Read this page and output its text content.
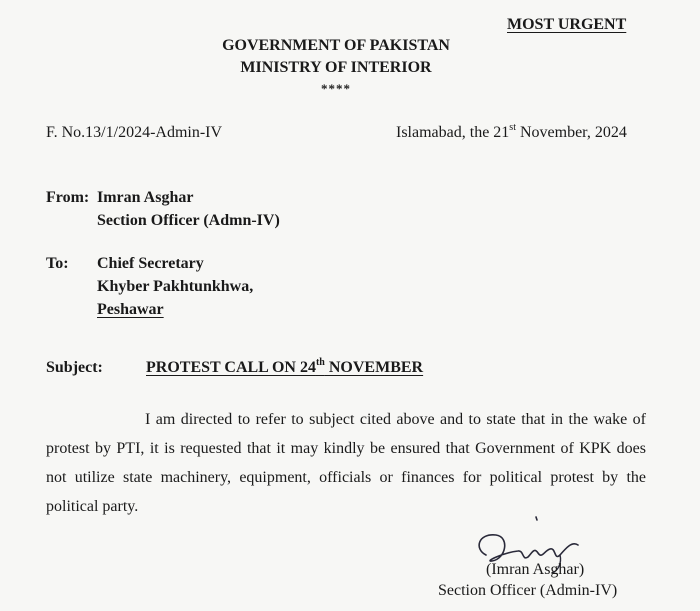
MOST URGENT
GOVERNMENT OF PAKISTAN
MINISTRY OF INTERIOR
****
F. No.13/1/2024-Admin-IV	Islamabad, the 21st November, 2024
From: Imran Asghar
Section Officer (Admn-IV)
To: Chief Secretary
Khyber Pakhtunkhwa,
Peshawar
Subject:	PROTEST CALL ON 24th NOVEMBER
I am directed to refer to subject cited above and to state that in the wake of protest by PTI, it is requested that it may kindly be ensured that Government of KPK does not utilize state machinery, equipment, officials or finances for political protest by the political party.
(Imran Asghar)
Section Officer (Admin-IV)
